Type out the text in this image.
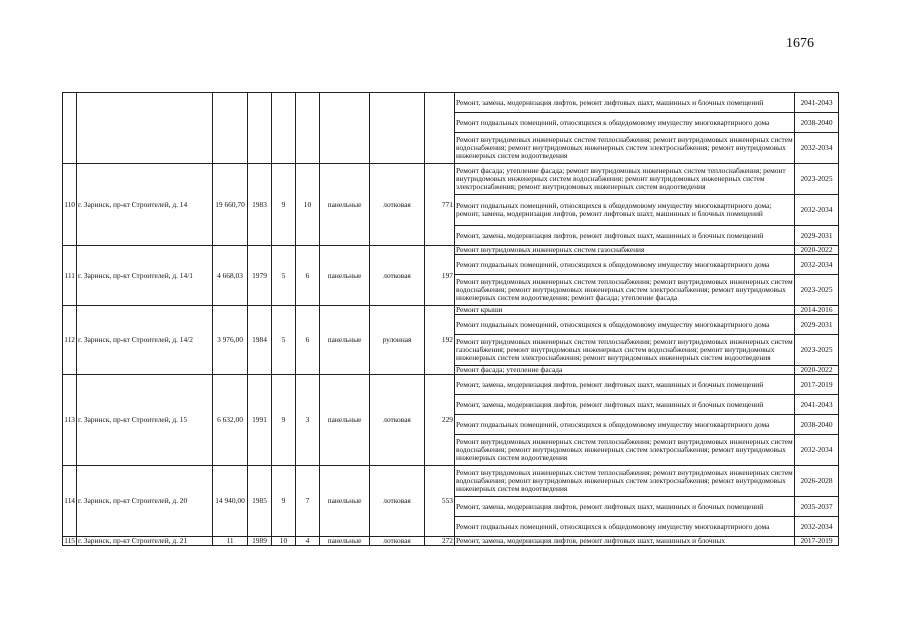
1676
									Ремонт, замена, модернизация лифтов, ремонт лифтовых шахт, машинных и блочных помещений	2041-2043
									Ремонт подвальных помещений, относящихся к общедомовому имуществу многоквартирного дома	2038-2040
									Ремонт внутридомовых инженерных систем теплоснабжения; ремонт внутридомовых инженерных систем водоснабжения; ремонт внутридомовых инженерных систем электроснабжения; ремонт внутридомовых инженерных систем водоотведения	2032-2034
110	г. Заринск, пр-кт Строителей, д. 14	19 660,70	1983	9	10	панельные	лотковая	771	Ремонт фасада; утепление фасада; ремонт внутридомовых инженерных систем теплоснабжения; ремонт внутридомовых инженерных систем водоснабжения; ремонт внутридомовых инженерных систем электроснабжения; ремонт внутридомовых инженерных систем водоотведения	2023-2025
									Ремонт подвальных помещений, относящихся к общедомовому имуществу многоквартирного дома; ремонт, замена, модернизация лифтов, ремонт лифтовых шахт, машинных и блочных помещений	2032-2034
									Ремонт, замена, модернизация лифтов, ремонт лифтовых шахт, машинных и блочных помещений	2029-2031
111	г. Заринск, пр-кт Строителей, д. 14/1	4 668,03	1979	5	6	панельные	лотковая	197	Ремонт внутридомовых инженерных систем газоснабжения	2020-2022
									Ремонт подвальных помещений, относящихся к общедомовому имуществу многоквартирного дома	2032-2034
									Ремонт внутридомовых инженерных систем теплоснабжения; ремонт внутридомовых инженерных систем водоснабжения; ремонт внутридомовых инженерных систем электроснабжения; ремонт внутридомовых инженерных систем водоотведения; ремонт фасада; утепление фасада	2023-2025
112	г. Заринск, пр-кт Строителей, д. 14/2	3 976,00	1984	5	6	панельные	рулонная	192	Ремонт крыши	2014-2016
									Ремонт подвальных помещений, относящихся к общедомовому имуществу многоквартирного дома	2029-2031
									Ремонт внутридомовых инженерных систем теплоснабжения; ремонт внутридомовых инженерных систем газоснабжения; ремонт внутридомовых инженерных систем водоснабжения; ремонт внутридомовых инженерных систем электроснабжения; ремонт внутридомовых инженерных систем водоотведения	2023-2025
									Ремонт фасада; утепление фасада	2020-2022
113	г. Заринск, пр-кт Строителей, д. 15	6 632,00	1991	9	3	панельные	лотковая	229	Ремонт, замена, модернизация лифтов, ремонт лифтовых шахт, машинных и блочных помещений	2017-2019
									Ремонт, замена, модернизация лифтов, ремонт лифтовых шахт, машинных и блочных помещений	2041-2043
									Ремонт подвальных помещений, относящихся к общедомовому имуществу многоквартирного дома	2038-2040
									Ремонт внутридомовых инженерных систем теплоснабжения; ремонт внутридомовых инженерных систем водоснабжения; ремонт внутридомовых инженерных систем электроснабжения; ремонт внутридомовых инженерных систем водоотведения	2032-2034
114	г. Заринск, пр-кт Строителей, д. 20	14 940,00	1985	9	7	панельные	лотковая	553	Ремонт внутридомовых инженерных систем теплоснабжения; ремонт внутридомовых инженерных систем водоснабжения; ремонт внутридомовых инженерных систем электроснабжения; ремонт внутридомовых инженерных систем водоотведения	2026-2028
									Ремонт, замена, модернизация лифтов, ремонт лифтовых шахт, машинных и блочных помещений	2035-2037
									Ремонт подвальных помещений, относящихся к общедомовому имуществу многоквартирного дома	2032-2034
115	г. Заринск, пр-кт Строителей, д. 21	11	1989	10	4	панельные	лотковая	272	Ремонт, замена, модернизация лифтов, ремонт лифтовых шахт, машинных и блочных	2017-2019
